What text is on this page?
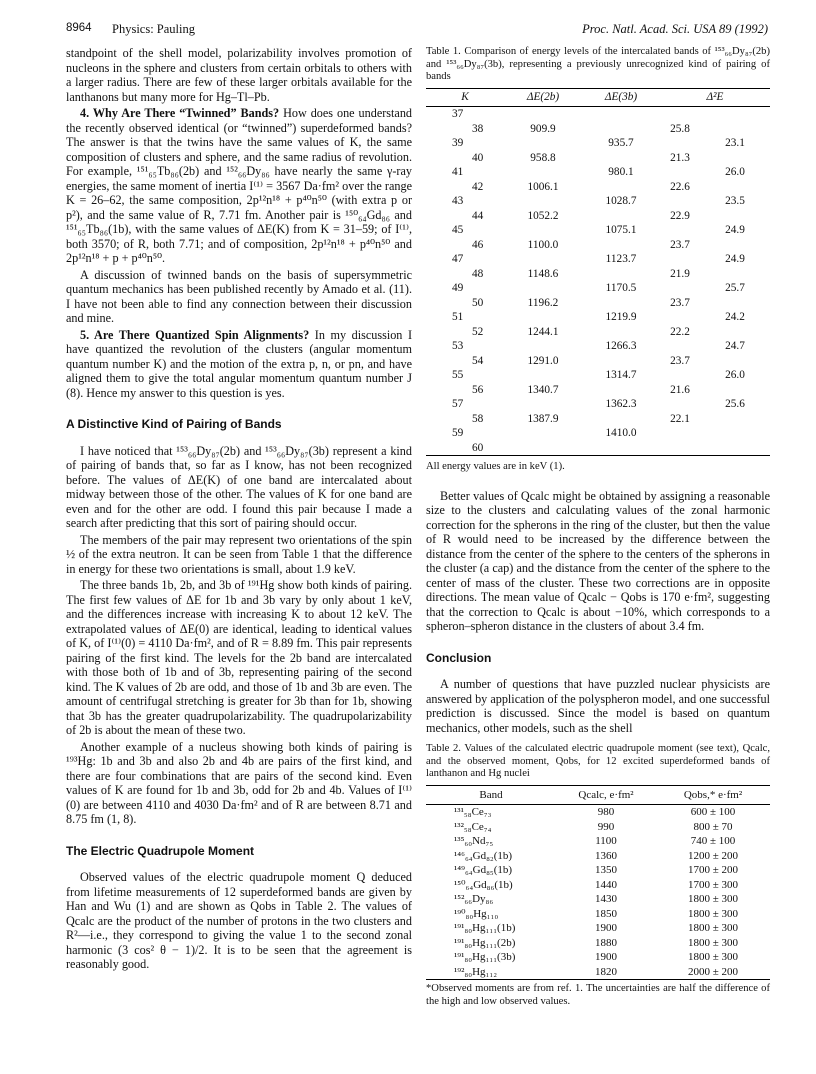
8964 Physics: Pauling	Proc. Natl. Acad. Sci. USA 89 (1992)

standpoint of the shell model, polarizability involves promotion of nucleons in the sphere and clusters from certain orbitals to others with a larger radius. There are few of these larger orbitals available for the lanthanons but many more for Hg–Tl–Pb.

4. Why Are There “Twinned” Bands? How does one understand the recently observed identical (or “twinned”) superdeformed bands? The answer is that the twins have the same values of K, the same composition of clusters and sphere, and the same radius of revolution. For example, ¹⁵¹₆₅Tb₈₆(2b) and ¹⁵²₆₆Dy₈₆ have nearly the same γ-ray energies, the same moment of inertia I⁽¹⁾ = 3567 Da·fm² over the range K = 26–62, the same composition, 2p¹²n¹⁸ + p⁴⁰n⁵⁰ (with extra p or p²), and the same value of R, 7.71 fm. Another pair is ¹⁵⁰₆₄Gd₈₆ and ¹⁵¹₆₅Tb₈₆(1b), with the same values of ΔE(K) from K = 31–59; of I⁽¹⁾, both 3570; of R, both 7.71; and of composition, 2p¹²n¹⁸ + p⁴⁰n⁵⁰ and 2p¹²n¹⁸ + p + p⁴⁰n⁵⁰.

A discussion of twinned bands on the basis of supersymmetric quantum mechanics has been published recently by Amado et al. (11). I have not been able to find any connection between their discussion and mine.

5. Are There Quantized Spin Alignments? In my discussion I have quantized the revolution of the clusters (angular momentum quantum number K) and the motion of the extra p, n, or pn, and have aligned them to give the total angular momentum quantum number J (8). Hence my answer to this question is yes.

A Distinctive Kind of Pairing of Bands

I have noticed that ¹⁵³₆₆Dy₈₇(2b) and ¹⁵³₆₆Dy₈₇(3b) represent a kind of pairing of bands that, so far as I know, has not been recognized before. The values of ΔE(K) of one band are intercalated about midway between those of the other. The values of K for one band are even and for the other are odd. I found this pair because I made a search after predicting that this sort of pairing should occur.

The members of the pair may represent two orientations of the spin ½ of the extra neutron. It can be seen from Table 1 that the difference in energy for these two orientations is small, about 1.9 keV.

The three bands 1b, 2b, and 3b of ¹⁹¹Hg show both kinds of pairing. The first few values of ΔE for 1b and 3b vary by only about 1 keV, and the differences increase with increasing K to about 12 keV. The extrapolated values of ΔE(0) are identical, leading to identical values of K, of I⁽¹⁾(0) = 4110 Da·fm², and of R = 8.89 fm. This pair represents pairing of the first kind. The levels for the 2b band are intercalated with those both of 1b and of 3b, representing pairing of the second kind. The K values of 2b are odd, and those of 1b and 3b are even. The amount of centrifugal stretching is greater for 3b than for 1b, showing that 3b has the greater quadrupolarizability. The quadrupolarizability of 2b is about the mean of these two.

Another example of a nucleus showing both kinds of pairing is ¹⁹³Hg: 1b and 3b and also 2b and 4b are pairs of the first kind, and there are four combinations that are pairs of the second kind. Even values of K are found for 1b and 3b, odd for 2b and 4b. Values of I⁽¹⁾(0) are between 4110 and 4030 Da·fm² and of R are between 8.71 and 8.75 fm (1, 8).

The Electric Quadrupole Moment

Observed values of the electric quadrupole moment Q deduced from lifetime measurements of 12 superdeformed bands are given by Han and Wu (1) and are shown as Qobs in Table 2. The values of Qcalc are the product of the number of protons in the two clusters and R²—i.e., they correspond to giving the value 1 to the second zonal harmonic (3 cos² θ − 1)/2. It is to be seen that the agreement is reasonably good.

Table 1. Comparison of energy levels of the intercalated bands of ¹⁵³₆₆Dy₈₇(2b) and ¹⁵³₆₆Dy₈₇(3b), representing a previously unrecognized kind of pairing of bands

K	ΔE(2b)	ΔE(3b)	Δ²E	
37				
38	909.9		25.8	
39		935.7		23.1
40	958.8		21.3	
41		980.1		26.0
42	1006.1		22.6	
43		1028.7		23.5
44	1052.2		22.9	
45		1075.1		24.9
46	1100.0		23.7	
47		1123.7		24.9
48	1148.6		21.9	
49		1170.5		25.7
50	1196.2		23.7	
51		1219.9		24.2
52	1244.1		22.2	
53		1266.3		24.7
54	1291.0		23.7	
55		1314.7		26.0
56	1340.7		21.6	
57		1362.3		25.6
58	1387.9		22.1	
59		1410.0		
60				

All energy values are in keV (1).

Better values of Qcalc might be obtained by assigning a reasonable size to the clusters and calculating values of the zonal harmonic correction for the spherons in the ring of the cluster, but then the value of R would need to be increased by the difference between the distance from the center of the sphere to the centers of the spherons in the cluster (a cap) and the distance from the center of the sphere to the center of mass of the cluster. These two corrections are in opposite directions. The mean value of Qcalc − Qobs is 170 e·fm², suggesting that the correction to Qcalc is about −10%, which corresponds to a spheron–spheron distance in the clusters of about 3.4 fm.

Conclusion

A number of questions that have puzzled nuclear physicists are answered by application of the polyspheron model, and one successful prediction is discussed. Since the model is based on quantum mechanics, other models, such as the shell

Table 2. Values of the calculated electric quadrupole moment (see text), Qcalc, and the observed moment, Qobs, for 12 excited superdeformed bands of lanthanon and Hg nuclei

Band	Qcalc, e·fm²	Qobs,* e·fm²
¹³¹₅₈Ce₇₃	980	600 ± 100
¹³²₅₈Ce₇₄	990	800 ± 70
¹³⁵₆₀Nd₇₅	1100	740 ± 100
¹⁴⁶₆₄Gd₈₂(1b)	1360	1200 ± 200
¹⁴⁹₆₄Gd₈₅(1b)	1350	1700 ± 200
¹⁵⁰₆₄Gd₈₆(1b)	1440	1700 ± 300
¹⁵²₆₆Dy₈₆	1430	1800 ± 300
¹⁹⁰₈₀Hg₁₁₀	1850	1800 ± 300
¹⁹¹₈₀Hg₁₁₁(1b)	1900	1800 ± 300
¹⁹¹₈₀Hg₁₁₁(2b)	1880	1800 ± 300
¹⁹¹₈₀Hg₁₁₁(3b)	1900	1800 ± 300
¹⁹²₈₀Hg₁₁₂	1820	2000 ± 200

*Observed moments are from ref. 1. The uncertainties are half the difference of the high and low observed values.
